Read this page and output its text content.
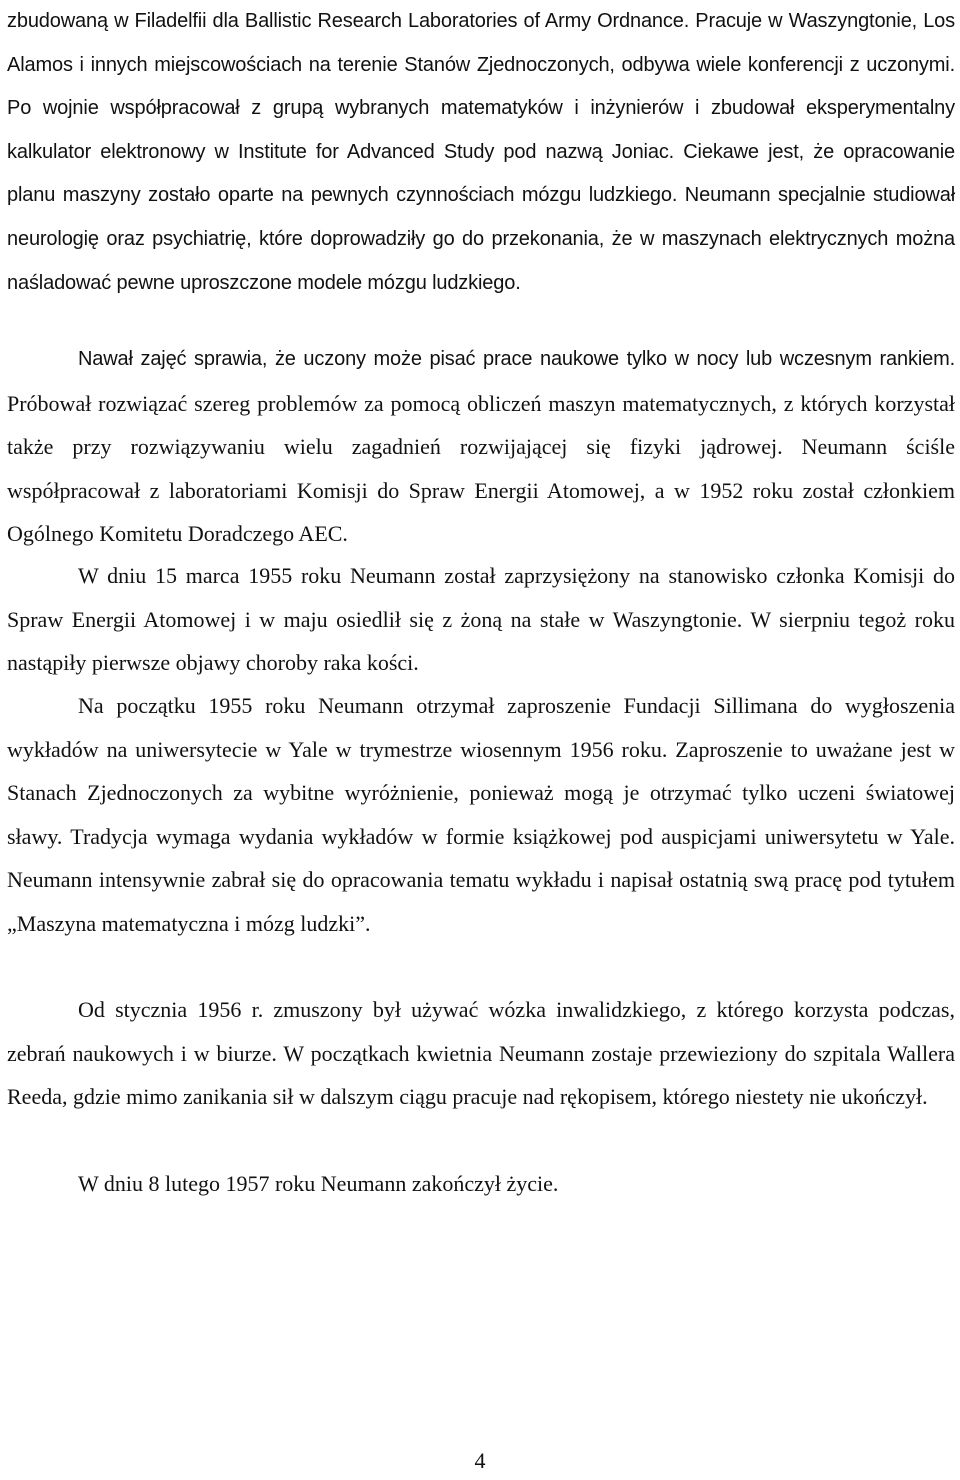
zbudowaną w Filadelfii dla Ballistic Research Laboratories of Army Ordnance. Pracuje w Waszyngtonie, Los Alamos i innych miejscowościach na terenie Stanów Zjednoczonych, odbywa wiele konferencji z uczonymi. Po wojnie współpracował z grupą wybranych matematyków i inżynierów i zbudował eksperymentalny kalkulator elektronowy w Institute for Advanced Study pod nazwą Joniac. Ciekawe jest, że opracowanie planu maszyny zostało oparte na pewnych czynnościach mózgu ludzkiego. Neumann specjalnie studiował neurologię oraz psychiatrię, które doprowadziły go do przekonania, że w maszynach elektrycznych można naśladować pewne uproszczone modele mózgu ludzkiego.

Nawał zajęć sprawia, że uczony może pisać prace naukowe tylko w nocy lub wczesnym rankiem. Próbował rozwiązać szereg problemów za pomocą obliczeń maszyn matematycznych, z których korzystał także przy rozwiązywaniu wielu zagadnień rozwijającej się fizyki jądrowej. Neumann ściśle współpracował z laboratoriami Komisji do Spraw Energii Atomowej, a w 1952 roku został członkiem Ogólnego Komitetu Doradczego AEC.

W dniu 15 marca 1955 roku Neumann został zaprzysiężony na stanowisko członka Komisji do Spraw Energii Atomowej i w maju osiedlił się z żoną na stałe w Waszyngtonie. W sierpniu tegoż roku nastąpiły pierwsze objawy choroby raka kości.

Na początku 1955 roku Neumann otrzymał zaproszenie Fundacji Sillimana do wygłoszenia wykładów na uniwersytecie w Yale w trymestrze wiosennym 1956 roku. Zaproszenie to uważane jest w Stanach Zjednoczonych za wybitne wyróżnienie, ponieważ mogą je otrzymać tylko uczeni światowej sławy. Tradycja wymaga wydania wykładów w formie książkowej pod auspicjami uniwersytetu w Yale. Neumann intensywnie zabrał się do opracowania tematu wykładu i napisał ostatnią swą pracę pod tytułem „Maszyna matematyczna i mózg ludzki”.

Od stycznia 1956 r. zmuszony był używać wózka inwalidzkiego, z którego korzysta podczas, zebrań naukowych i w biurze. W początkach kwietnia Neumann zostaje przewieziony do szpitala Wallera Reeda, gdzie mimo zanikania sił w dalszym ciągu pracuje nad rękopisem, którego niestety nie ukończył.

W dniu 8 lutego 1957 roku Neumann zakończył życie.

4
